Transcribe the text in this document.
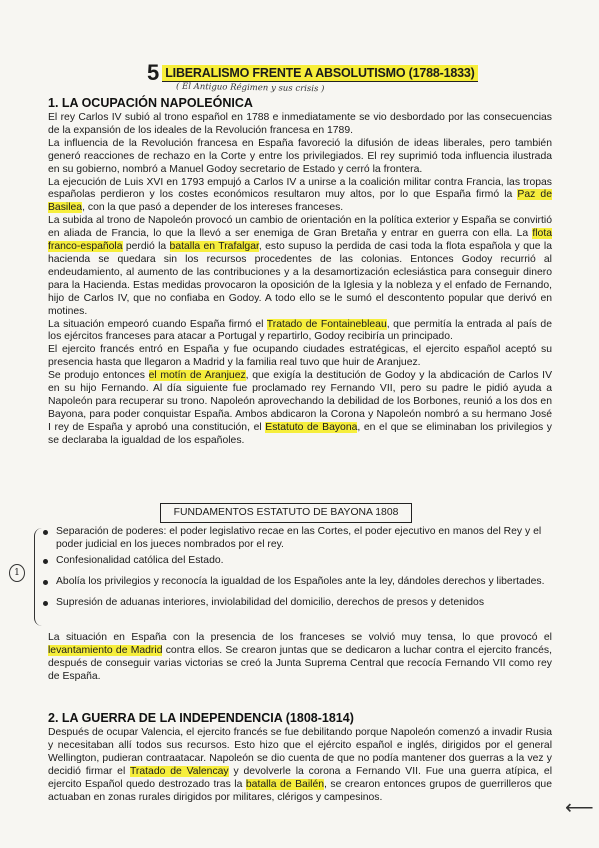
5 LIBERALISMO FRENTE A ABSOLUTISMO (1788-1833)
( El Antiguo Régimen y sus crisis )
1. LA OCUPACIÓN NAPOLEÓNICA
El rey Carlos IV subió al trono español en 1788 e inmediatamente se vio desbordado por las consecuencias de la expansión de los ideales de la Revolución francesa en 1789.
La influencia de la Revolución francesa en España favoreció la difusión de ideas liberales, pero también generó reacciones de rechazo en la Corte y entre los privilegiados. El rey suprimió toda influencia ilustrada en su gobierno, nombró a Manuel Godoy secretario de Estado y cerró la frontera.
La ejecución de Luis XVI en 1793 empujó a Carlos IV a unirse a la coalición militar contra Francia, las tropas españolas perdieron y los costes económicos resultaron muy altos, por lo que España firmó la Paz de Basilea, con la que pasó a depender de los intereses franceses.
La subida al trono de Napoleón provocó un cambio de orientación en la política exterior y España se convirtió en aliada de Francia, lo que la llevó a ser enemiga de Gran Bretaña y entrar en guerra con ella. La flota franco-española perdió la batalla en Trafalgar, esto supuso la perdida de casi toda la flota española y que la hacienda se quedara sin los recursos procedentes de las colonias. Entonces Godoy recurrió al endeudamiento, al aumento de las contribuciones y a la desamortización eclesiástica para conseguir dinero para la Hacienda. Estas medidas provocaron la oposición de la Iglesia y la nobleza y el enfado de Fernando, hijo de Carlos IV, que no confiaba en Godoy. A todo ello se le sumó el descontento popular que derivó en motines.
La situación empeoró cuando España firmó el Tratado de Fontainebleau, que permitía la entrada al país de los ejércitos franceses para atacar a Portugal y repartirlo, Godoy recibiría un principado.
El ejercito francés entró en España y fue ocupando ciudades estratégicas, el ejercito español aceptó su presencia hasta que llegaron a Madrid y la familia real tuvo que huir de Aranjuez.
Se produjo entonces el motín de Aranjuez, que exigía la destitución de Godoy y la abdicación de Carlos IV en su hijo Fernando. Al día siguiente fue proclamado rey Fernando VII, pero su padre le pidió ayuda a Napoleón para recuperar su trono. Napoleón aprovechando la debilidad de los Borbones, reunió a los dos en Bayona, para poder conquistar España. Ambos abdicaron la Corona y Napoleón nombró a su hermano José I rey de España y aprobó una constitución, el Estatuto de Bayona, en el que se eliminaban los privilegios y se declaraba la igualdad de los españoles.
FUNDAMENTOS ESTATUTO DE BAYONA 1808
1
Separación de poderes: el poder legislativo recae en las Cortes, el poder ejecutivo en manos del Rey y el poder judicial en los jueces nombrados por el rey.
Confesionalidad católica del Estado.
Abolía los privilegios y reconocía la igualdad de los Españoles ante la ley, dándoles derechos y libertades.
Supresión de aduanas interiores, inviolabilidad del domicilio, derechos de presos y detenidos
La situación en España con la presencia de los franceses se volvió muy tensa, lo que provocó el levantamiento de Madrid contra ellos. Se crearon juntas que se dedicaron a luchar contra el ejercito francés, después de conseguir varias victorias se creó la Junta Suprema Central que recocía Fernando VII como rey de España.
2. LA GUERRA DE LA INDEPENDENCIA (1808-1814)
Después de ocupar Valencia, el ejercito francés se fue debilitando porque Napoleón comenzó a invadir Rusia y necesitaban allí todos sus recursos. Esto hizo que el ejército español e inglés, dirigidos por el general Wellington, pudieran contraatacar. Napoleón se dio cuenta de que no podía mantener dos guerras a la vez y decidió firmar el Tratado de Valencay y devolverle la corona a Fernando VII. Fue una guerra atípica, el ejercito Español quedo destrozado tras la batalla de Bailén, se crearon entonces grupos de guerrilleros que actuaban en zonas rurales dirigidos por militares, clérigos y campesinos.	⟵
